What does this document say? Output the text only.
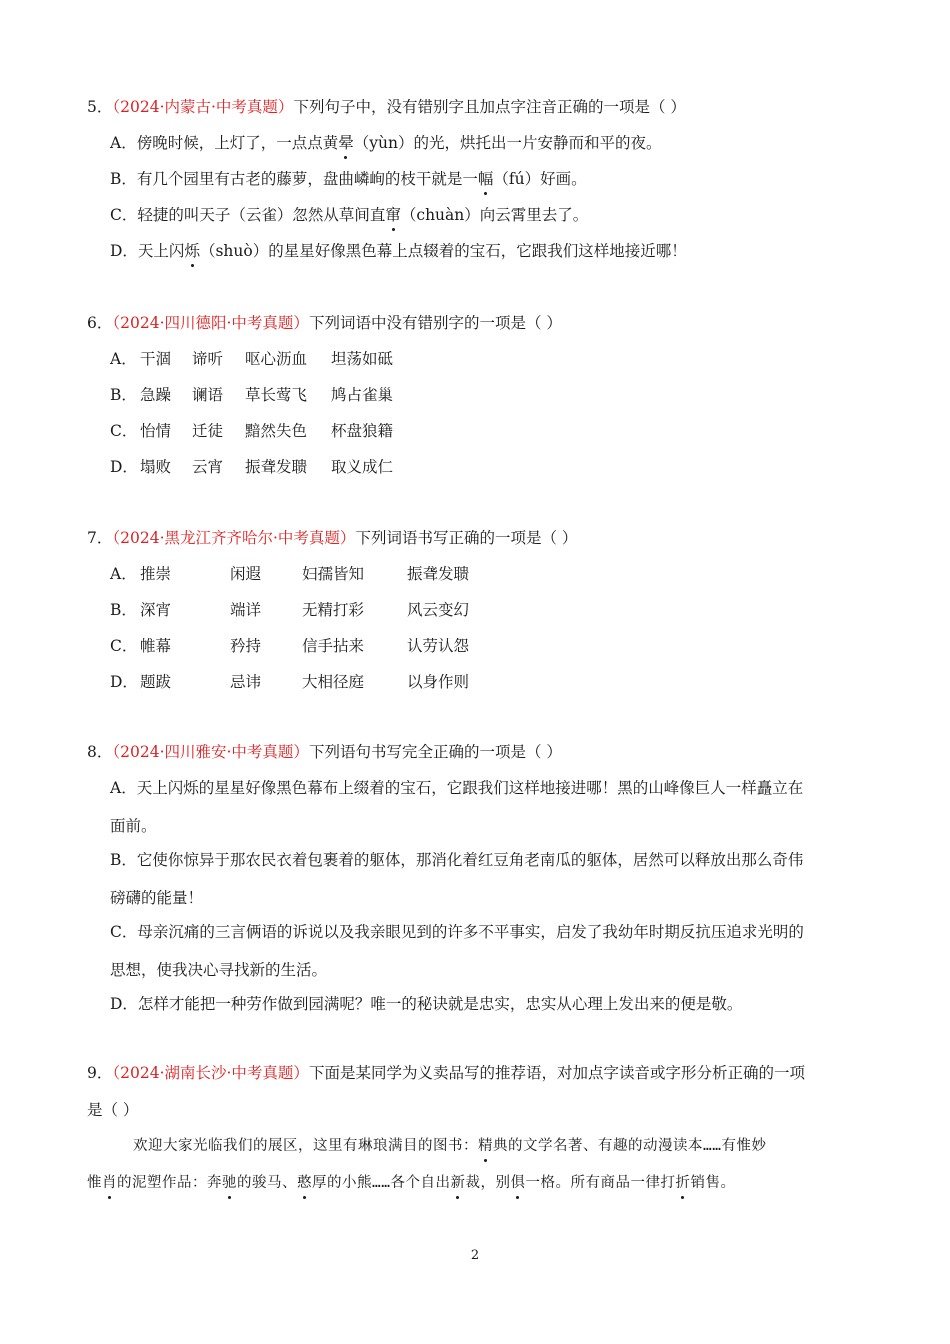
5．（2024·内蒙古·中考真题）下列句子中，没有错别字且加点字注音正确的一项是（ ）
A．傍晚时候，上灯了，一点点黄晕（yùn）的光，烘托出一片安静而和平的夜。
B．有几个园里有古老的藤萝，盘曲嶙峋的枝干就是一幅（fú）好画。
C．轻捷的叫天子（云雀）忽然从草间直窜（chuàn）向云霄里去了。
D．天上闪烁（shuò）的星星好像黑色幕上点辍着的宝石，它跟我们这样地接近哪！
6．（2024·四川德阳·中考真题）下列词语中没有错别字的一项是（ ）
A． 干涸 谛听 呕心沥血 坦荡如砥
B． 急躁 谰语 草长莺飞 鸠占雀巢
C． 怡情 迁徒 黯然失色 杯盘狼籍
D． 塌败 云宵 振聋发聩 取义成仁
7．（2024·黑龙江齐齐哈尔·中考真题）下列词语书写正确的一项是（ ）
A． 推崇	闲遐	妇孺皆知	振聋发聩
B． 深宵	端详	无精打彩	风云变幻
C． 帷幕	矜持	信手拈来	认劳认怨
D． 题跋	忌讳	大相径庭	以身作则
8．（2024·四川雅安·中考真题）下列语句书写完全正确的一项是（ ）
A．天上闪烁的星星好像黑色幕布上缀着的宝石，它跟我们这样地接进哪！黑的山峰像巨人一样矗立在
面前。
B．它使你惊异于那农民衣着包裹着的躯体，那消化着红豆角老南瓜的躯体，居然可以释放出那么奇伟
磅礴的能量！
C．母亲沉痛的三言俩语的诉说以及我亲眼见到的许多不平事实，启发了我幼年时期反抗压追求光明的
思想，使我决心寻找新的生活。
D．怎样才能把一种劳作做到园满呢？唯一的秘诀就是忠实，忠实从心理上发出来的便是敬。
9．（2024·湖南长沙·中考真题）下面是某同学为义卖品写的推荐语，对加点字读音或字形分析正确的一项
是（ ）
欢迎大家光临我们的展区，这里有琳琅满目的图书：精典的文学名著、有趣的动漫读本……有惟妙
惟肖的泥塑作品：奔驰的骏马、憨厚的小熊……各个自出新裁，别俱一格。所有商品一律打折销售。
2
